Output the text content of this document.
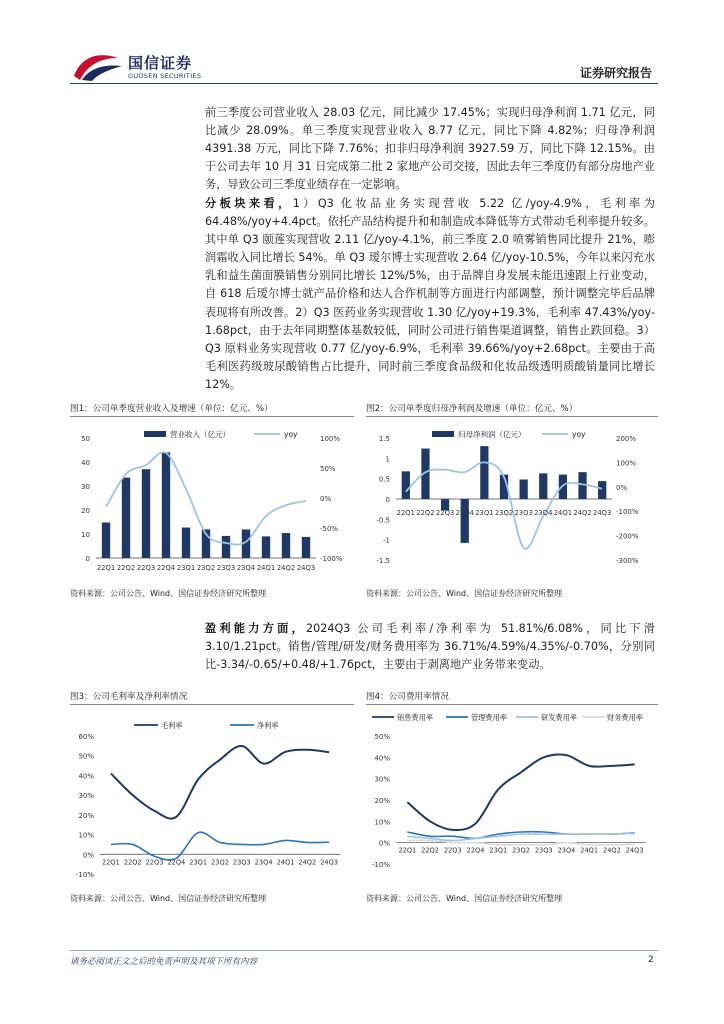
国信证券
GUOSEN SECURITIES	证券研究报告

前三季度公司营业收入 28.03 亿元，同比减少 17.45%；实现归母净利润 1.71 亿元，同比减少 28.09%。单三季度实现营业收入 8.77 亿元，同比下降 4.82%；归母净利润 4391.38 万元，同比下降 7.76%；扣非归母净利润 3927.59 万，同比下降 12.15%。由于公司去年 10 月 31 日完成第二批 2 家地产公司交接，因此去年三季度仍有部分房地产业务，导致公司三季度业绩存在一定影响。

分板块来看，1）Q3 化妆品业务实现营收 5.22 亿/yoy-4.9%，毛利率为 64.48%/yoy+4.4pct。依托产品结构提升和和制造成本降低等方式带动毛利率提升较多。其中单 Q3 颐莲实现营收 2.11 亿/yoy-4.1%，前三季度 2.0 喷雾销售同比提升 21%，嘭润霜收入同比增长 54%。单 Q3 瑷尔博士实现营收 2.64 亿/yoy-10.5%，今年以来闪充水乳和益生菌面膜销售分别同比增长 12%/5%，由于品牌自身发展未能迅速跟上行业变动，自 618 后瑷尔博士就产品价格和达人合作机制等方面进行内部调整，预计调整完毕后品牌表现将有所改善。2）Q3 医药业务实现营收 1.30 亿/yoy+19.3%，毛利率 47.43%/yoy-1.68pct，由于去年同期整体基数较低，同时公司进行销售渠道调整，销售止跌回稳。3）Q3 原料业务实现营收 0.77 亿/yoy-6.9%，毛利率 39.66%/yoy+2.68pct。主要由于高毛利医药级玻尿酸销售占比提升，同时前三季度食品级和化妆品级透明质酸销量同比增长 12%。

图1：公司单季度营业收入及增速（单位：亿元、%）	图2：公司单季度归母净利润及增速（单位：亿元、%）
0
10
20
30
40
50
-100%
-50%
0%
50%
100%
22Q1 22Q2 22Q3 22Q4 23Q1 23Q2 23Q3 23Q4 24Q1 24Q2 24Q3
营业收入（亿元）	yoy
-1.5
-1
-0.5
0
0.5
1
1.5
-300%
-200%
-100%
0%
100%
200%
22Q1 22Q2 22Q3 22Q4 23Q1 23Q2 23Q3 23Q4 24Q1 24Q2 24Q3
归母净利润（亿元）	yoy
资料来源：公司公告、Wind、国信证券经济研究所整理	资料来源：公司公告、Wind、国信证券经济研究所整理

盈利能力方面，2024Q3 公司毛利率/净利率为 51.81%/6.08%，同比下滑 3.10/1.21pct。销售/管理/研发/财务费用率为 36.71%/4.59%/4.35%/-0.70%，分别同比-3.34/-0.65/+0.48/+1.76pct，主要由于剥离地产业务带来变动。

图3：公司毛利率及净利率情况	图4：公司费用率情况
-10%
0%
10%
20%
30%
40%
50%
60%
22Q1 22Q2 22Q3 22Q4 23Q1 23Q2 23Q3 23Q4 24Q1 24Q2 24Q3
毛利率	净利率
-10%
0%
10%
20%
30%
40%
50%
22Q1 22Q2 22Q3 22Q4 23Q1 23Q2 23Q3 23Q4 24Q1 24Q2 24Q3
销售费用率	管理费用率	研发费用率	财务费用率
资料来源：公司公告、Wind、国信证券经济研究所整理	资料来源：公司公告、Wind、国信证券经济研究所整理
请务必阅读正文之后的免责声明及其项下所有内容	2
